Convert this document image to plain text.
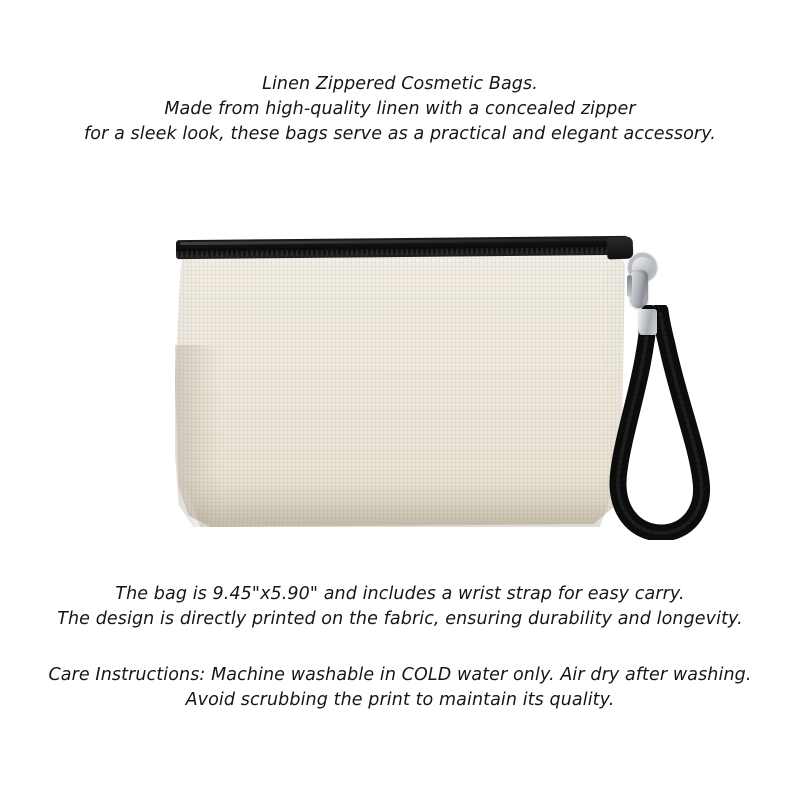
Linen Zippered Cosmetic Bags.
Made from high-quality linen with a concealed zipper
for a sleek look, these bags serve as a practical and elegant accessory.
The bag is 9.45"x5.90" and includes a wrist strap for easy carry.
The design is directly printed on the fabric, ensuring durability and longevity.
Care Instructions: Machine washable in COLD water only. Air dry after washing.
Avoid scrubbing the print to maintain its quality.
